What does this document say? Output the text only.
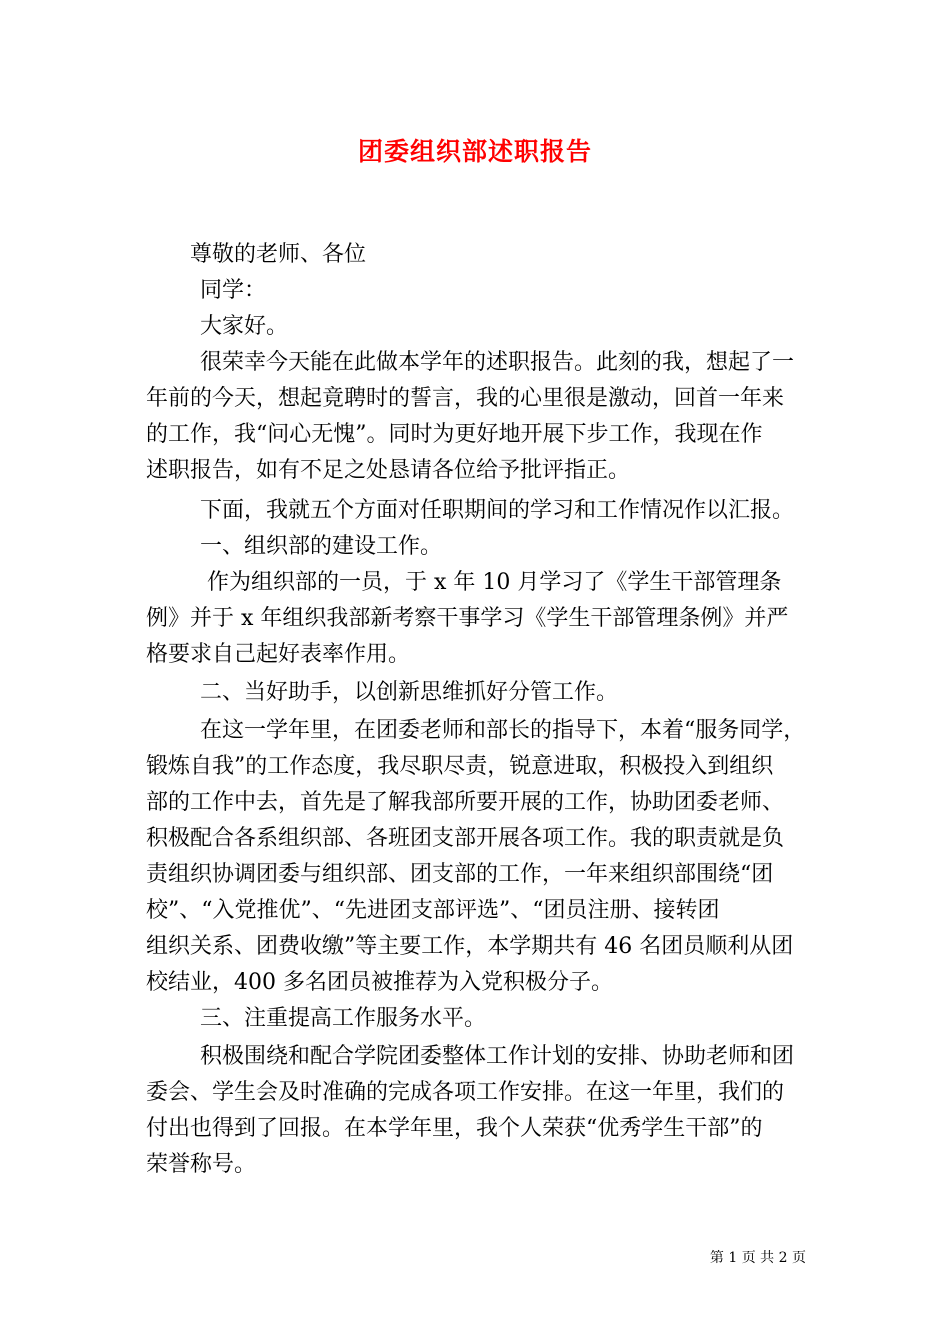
团委组织部述职报告
尊敬的老师、各位
同学：
大家好。
很荣幸今天能在此做本学年的述职报告。此刻的我，想起了一
年前的今天，想起竟聘时的誓言，我的心里很是激动，回首一年来
的工作，我“问心无愧”。同时为更好地开展下步工作，我现在作
述职报告，如有不足之处恳请各位给予批评指正。
下面，我就五个方面对任职期间的学习和工作情况作以汇报。
一、组织部的建设工作。
作为组织部的一员，于 x 年 10 月学习了《学生干部管理条
例》并于 x 年组织我部新考察干事学习《学生干部管理条例》并严
格要求自己起好表率作用。
二、当好助手，以创新思维抓好分管工作。
在这一学年里，在团委老师和部长的指导下，本着“服务同学，
锻炼自我”的工作态度，我尽职尽责，锐意进取，积极投入到组织
部的工作中去，首先是了解我部所要开展的工作，协助团委老师、
积极配合各系组织部、各班团支部开展各项工作。我的职责就是负
责组织协调团委与组织部、团支部的工作，一年来组织部围绕“团
校”、“入党推优”、“先进团支部评选”、“团员注册、接转团
组织关系、团费收缴”等主要工作，本学期共有 46 名团员顺利从团
校结业，400 多名团员被推荐为入党积极分子。
三、注重提高工作服务水平。
积极围绕和配合学院团委整体工作计划的安排、协助老师和团
委会、学生会及时准确的完成各项工作安排。在这一年里，我们的
付出也得到了回报。在本学年里，我个人荣获“优秀学生干部”的
荣誉称号。
第 1 页 共 2 页
